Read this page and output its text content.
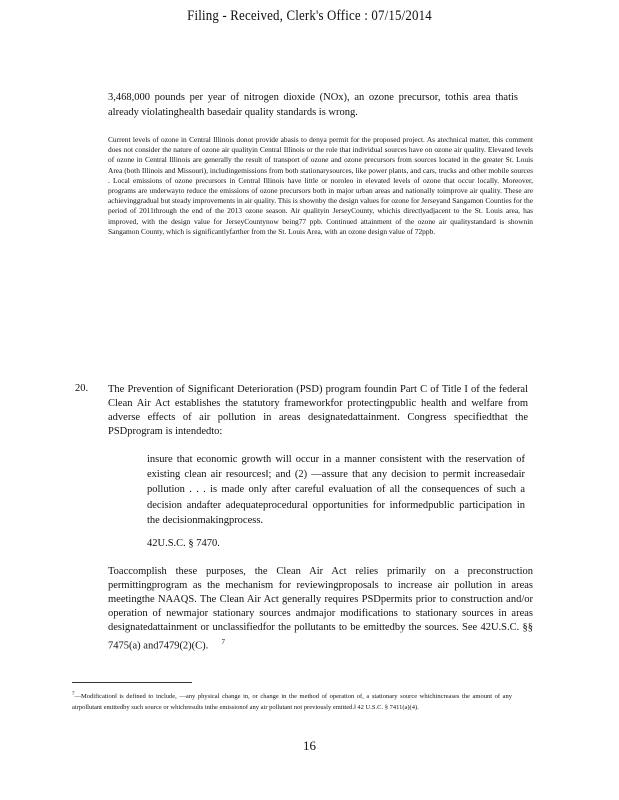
Filing - Received, Clerk's Office : 07/15/2014
3,468,000 pounds per year of nitrogen dioxide (NOx), an ozone precursor, tothis area thatis already violatinghealth basedair quality standards is wrong.
Current levels of ozone in Central Illinois donot provide abasis to denya permit for the proposed project. As atechnical matter, this comment does not consider the nature of ozone air qualityin Central Illinois or the role that individual sources have on ozone air quality. Elevated levels of ozone in Central Illinois are generally the result of transport of ozone and ozone precursors from sources located in the greater St. Louis Area (both Illinois and Missouri), includingemissions from both stationarysources, like power plants, and cars, trucks and other mobile sources . Local emissions of ozone precursors in Central Illinois have little or noroleo in elevated levels of ozone that occur locally. Moreover, programs are underwayto reduce the emissions of ozone precursors both in major urban areas and nationally toimprove air quality. These are achievinggradual but steady improvements in air quality. This is shownby the design values for ozone for Jerseyand Sangamon Counties for the period of 2011through the end of the 2013 ozone season. Air qualityin JerseyCounty, whichis directlyadjacent to the St. Louis area, has improved, with the design value for JerseyCountynow being77 ppb. Continued attainment of the ozone air qualitystandard is shownin Sangamon County, which is significantlyfarther from the St. Louis Area, with an ozone design value of 72ppb.
20. The Prevention of Significant Deterioration (PSD) program foundin Part C of Title I of the federal Clean Air Act establishes the statutory frameworkfor protectingpublic health and welfare from adverse effects of air pollution in areas designatedattainment. Congress specifiedthat the PSDprogram is intendedto:
insure that economic growth will occur in a manner consistent with the reservation of existing clean air resources‖; and (2) ―assure that any decision to permit increasedair pollution . . . is made only after careful evaluation of all the consequences of such a decision andafter adequateprocedural opportunities for informedpublic participation in the decisionmakingprocess.
42U.S.C. § 7470.
Toaccomplish these purposes, the Clean Air Act relies primarily on a preconstruction permittingprogram as the mechanism for reviewingproposals to increase air pollution in areas meetingthe NAAQS. The Clean Air Act generally requires PSDpermits prior to construction and/or operation of newmajor stationary sources andmajor modifications to stationary sources in areas designatedattainment or unclassifiedfor the pollutants to be emittedby the sources. See 42U.S.C. §§ 7475(a) and7479(2)(C). $^7$
$^7$―Modification‖ is defined to include, ―any physical change in, or change in the method of operation of, a stationary source whichincreases the amount of any airpollutant emittedby such source or whichresults inthe emissionof any air pollutant not previously emitted.‖ 42 U.S.C. § 7411(a)(4).
16
